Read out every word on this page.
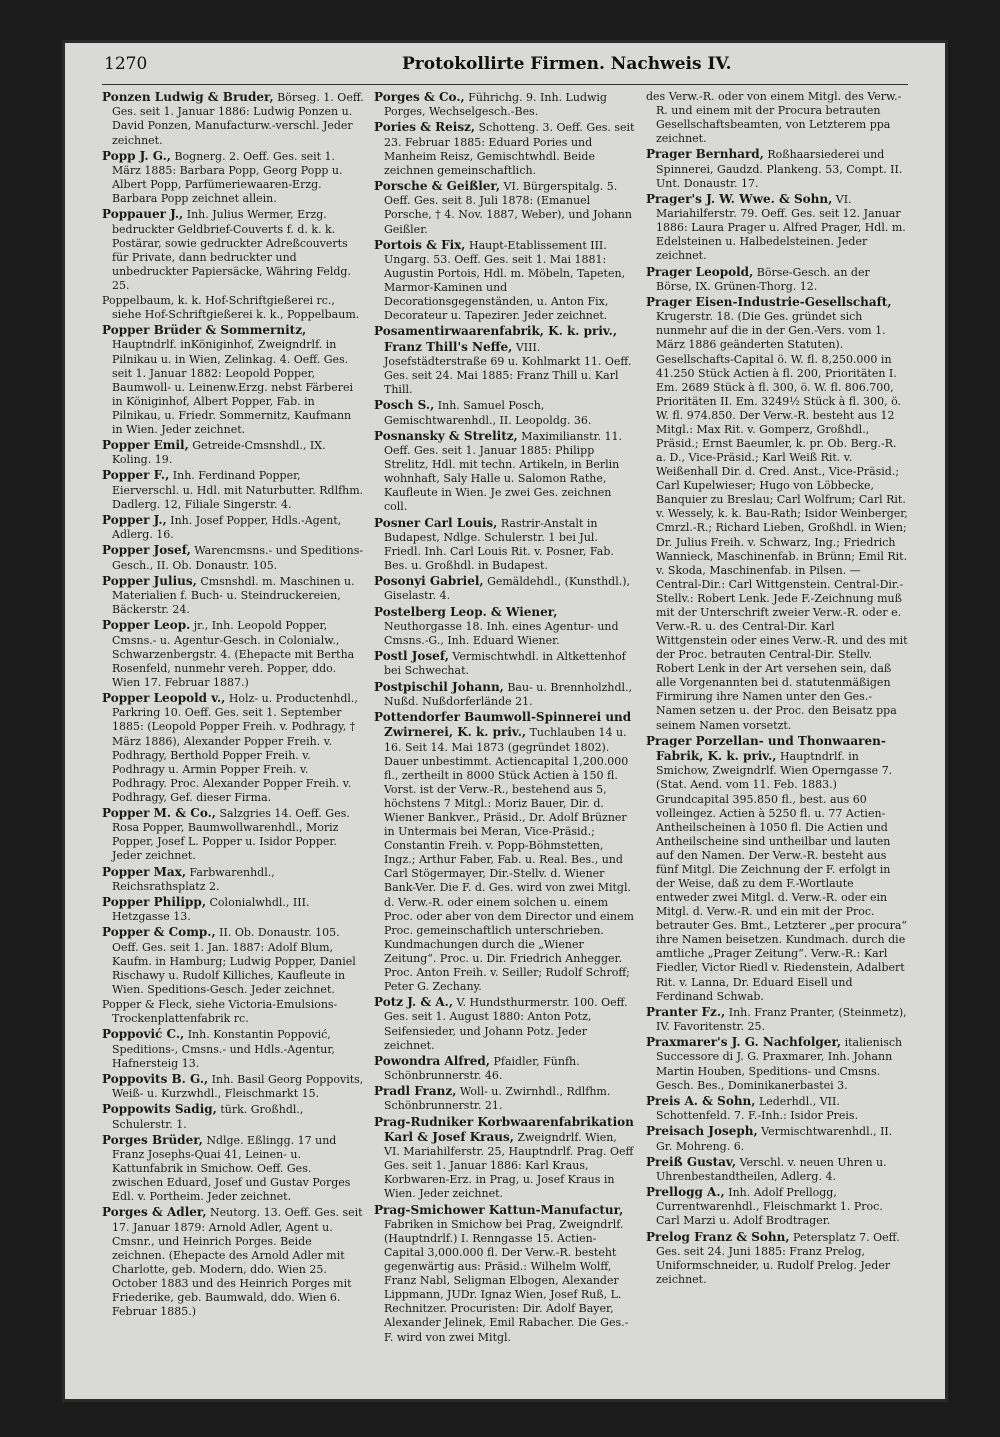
1270	Protokollirte Firmen. Nachweis IV.

Ponzen Ludwig & Bruder, Börseg. 1. Oeff. Ges. seit 1. Januar 1886: Ludwig Ponzen u. David Ponzen, Manufacturw.-verschl. Jeder zeichnet.

Popp J. G., Bognerg. 2. Oeff. Ges. seit 1. März 1885: Barbara Popp, Georg Popp u. Albert Popp, Parfümeriewaaren-Erzg. Barbara Popp zeichnet allein.

Poppauer J., Inh. Julius Wermer, Erzg. bedruckter Geldbrief-Couverts f. d. k. k. Postärar, sowie gedruckter Adreßcouverts für Private, dann bedruckter und unbedruckter Papiersäcke, Währing Feldg. 25.

Poppelbaum, k. k. Hof-Schriftgießerei rc., siehe Hof-Schriftgießerei k. k., Poppelbaum.

Popper Brüder & Sommernitz, Hauptndrlf. inKöniginhof, Zweigndrlf. in Pilnikau u. in Wien, Zelinkag. 4. Oeff. Ges. seit 1. Januar 1882: Leopold Popper, Baumwoll- u. Leinenw.Erzg. nebst Färberei in Königinhof, Albert Popper, Fab. in Pilnikau, u. Friedr. Sommernitz, Kaufmann in Wien. Jeder zeichnet.

Popper Emil, Getreide-Cmsnshdl., IX. Koling. 19.

Popper F., Inh. Ferdinand Popper, Eierverschl. u. Hdl. mit Naturbutter. Rdlfhm. Dadlerg. 12, Filiale Singerstr. 4.

Popper J., Inh. Josef Popper, Hdls.-Agent, Adlerg. 16.

Popper Josef, Warencmsns.- und Speditions-Gesch., II. Ob. Donaustr. 105.

Popper Julius, Cmsnshdl. m. Maschinen u. Materialien f. Buch- u. Steindruckereien, Bäckerstr. 24.

Popper Leop. jr., Inh. Leopold Popper, Cmsns.- u. Agentur-Gesch. in Colonialw., Schwarzenbergstr. 4. (Ehepacte mit Bertha Rosenfeld, nunmehr vereh. Popper, ddo. Wien 17. Februar 1887.)

Popper Leopold v., Holz- u. Productenhdl., Parkring 10. Oeff. Ges. seit 1. September 1885: (Leopold Popper Freih. v. Podhragy, † März 1886), Alexander Popper Freih. v. Podhragy, Berthold Popper Freih. v. Podhragy u. Armin Popper Freih. v. Podhragy. Proc. Alexander Popper Freih. v. Podhragy, Gef. dieser Firma.

Popper M. & Co., Salzgries 14. Oeff. Ges. Rosa Popper, Baumwollwarenhdl., Moriz Popper, Josef L. Popper u. Isidor Popper. Jeder zeichnet.

Popper Max, Farbwarenhdl., Reichsrathsplatz 2.

Popper Philipp, Colonialwhdl., III. Hetzgasse 13.

Popper & Comp., II. Ob. Donaustr. 105. Oeff. Ges. seit 1. Jan. 1887: Adolf Blum, Kaufm. in Hamburg; Ludwig Popper, Daniel Rischawy u. Rudolf Killiches, Kaufleute in Wien. Speditions-Gesch. Jeder zeichnet.

Popper & Fleck, siehe Victoria-Emulsions-Trockenplattenfabrik rc.

Poppović C., Inh. Konstantin Poppović, Speditions-, Cmsns.- und Hdls.-Agentur, Hafnersteig 13.

Poppovits B. G., Inh. Basil Georg Poppovits, Weiß- u. Kurzwhdl., Fleischmarkt 15.

Poppowits Sadig, türk. Großhdl., Schulerstr. 1.

Porges Brüder, Ndlge. Eßlingg. 17 und Franz Josephs-Quai 41, Leinen- u. Kattunfabrik in Smichow. Oeff. Ges. zwischen Eduard, Josef und Gustav Porges Edl. v. Portheim. Jeder zeichnet.

Porges & Adler, Neutorg. 13. Oeff. Ges. seit 17. Januar 1879: Arnold Adler, Agent u. Cmsnr., und Heinrich Porges. Beide zeichnen. (Ehepacte des Arnold Adler mit Charlotte, geb. Modern, ddo. Wien 25. October 1883 und des Heinrich Porges mit Friederike, geb. Baumwald, ddo. Wien 6. Februar 1885.)

Porges & Co., Führichg. 9. Inh. Ludwig Porges, Wechselgesch.-Bes.

Pories & Reisz, Schotteng. 3. Oeff. Ges. seit 23. Februar 1885: Eduard Pories und Manheim Reisz, Gemischtwhdl. Beide zeichnen gemeinschaftlich.

Porsche & Geißler, VI. Bürgerspitalg. 5. Oeff. Ges. seit 8. Juli 1878: (Emanuel Porsche, † 4. Nov. 1887, Weber), und Johann Geißler.

Portois & Fix, Haupt-Etablissement III. Ungarg. 53. Oeff. Ges. seit 1. Mai 1881: Augustin Portois, Hdl. m. Möbeln, Tapeten, Marmor-Kaminen und Decorationsgegenständen, u. Anton Fix, Decorateur u. Tapezirer. Jeder zeichnet.

Posamentirwaarenfabrik, K. k. priv., Franz Thill's Neffe, VIII. Josefstädterstraße 69 u. Kohlmarkt 11. Oeff. Ges. seit 24. Mai 1885: Franz Thill u. Karl Thill.

Posch S., Inh. Samuel Posch, Gemischtwarenhdl., II. Leopoldg. 36.

Posnansky & Strelitz, Maximilianstr. 11. Oeff. Ges. seit 1. Januar 1885: Philipp Strelitz, Hdl. mit techn. Artikeln, in Berlin wohnhaft, Saly Halle u. Salomon Rathe, Kaufleute in Wien. Je zwei Ges. zeichnen coll.

Posner Carl Louis, Rastrir-Anstalt in Budapest, Ndlge. Schulerstr. 1 bei Jul. Friedl. Inh. Carl Louis Rit. v. Posner, Fab. Bes. u. Großhdl. in Budapest.

Posonyi Gabriel, Gemäldehdl., (Kunsthdl.), Giselastr. 4.

Postelberg Leop. & Wiener, Neuthorgasse 18. Inh. eines Agentur- und Cmsns.-G., Inh. Eduard Wiener.

Postl Josef, Vermischtwhdl. in Altkettenhof bei Schwechat.

Postpischil Johann, Bau- u. Brennholzhdl., Nußd. Nußdorferlände 21.

Pottendorfer Baumwoll-Spinnerei und Zwirnerei, K. k. priv., Tuchlauben 14 u. 16. Seit 14. Mai 1873 (gegründet 1802). Dauer unbestimmt. Actiencapital 1,200.000 fl., zertheilt in 8000 Stück Actien à 150 fl. Vorst. ist der Verw.-R., bestehend aus 5, höchstens 7 Mitgl.: Moriz Bauer, Dir. d. Wiener Bankver., Präsid., Dr. Adolf Brüzner in Untermais bei Meran, Vice-Präsid.; Constantin Freih. v. Popp-Böhmstetten, Ingz.; Arthur Faber, Fab. u. Real. Bes., und Carl Stögermayer, Dir.-Stellv. d. Wiener Bank-Ver. Die F. d. Ges. wird von zwei Mitgl. d. Verw.-R. oder einem solchen u. einem Proc. oder aber von dem Director und einem Proc. gemeinschaftlich unterschrieben. Kundmachungen durch die „Wiener Zeitung“. Proc. u. Dir. Friedrich Anhegger. Proc. Anton Freih. v. Seiller; Rudolf Schroff; Peter G. Zechany.

Potz J. & A., V. Hundsthurmerstr. 100. Oeff. Ges. seit 1. August 1880: Anton Potz, Seifensieder, und Johann Potz. Jeder zeichnet.

Powondra Alfred, Pfaidler, Fünfh. Schönbrunnerstr. 46.

Pradl Franz, Woll- u. Zwirnhdl., Rdlfhm. Schönbrunnerstr. 21.

Prag-Rudniker Korbwaarenfabrikation Karl & Josef Kraus, Zweigndrlf. Wien, VI. Mariahilferstr. 25, Hauptndrlf. Prag. Oeff Ges. seit 1. Januar 1886: Karl Kraus, Korbwaren-Erz. in Prag, u. Josef Kraus in Wien. Jeder zeichnet.

Prag-Smichower Kattun-Manufactur, Fabriken in Smichow bei Prag, Zweigndrlf. (Hauptndrlf.) I. Renngasse 15. Actien-Capital 3,000.000 fl. Der Verw.-R. besteht gegenwärtig aus: Präsid.: Wilhelm Wolff, Franz Nabl, Seligman Elbogen, Alexander Lippmann, JUDr. Ignaz Wien, Josef Ruß, L. Rechnitzer. Procuristen: Dir. Adolf Bayer, Alexander Jelinek, Emil Rabacher. Die Ges.-F. wird von zwei Mitgl.

des Verw.-R. oder von einem Mitgl. des Verw.-R. und einem mit der Procura betrauten Gesellschaftsbeamten, von Letzterem ppa zeichnet.

Prager Bernhard, Roßhaarsiederei und Spinnerei, Gaudzd. Plankeng. 53, Compt. II. Unt. Donaustr. 17.

Prager's J. W. Wwe. & Sohn, VI. Mariahilferstr. 79. Oeff. Ges. seit 12. Januar 1886: Laura Prager u. Alfred Prager, Hdl. m. Edelsteinen u. Halbedelsteinen. Jeder zeichnet.

Prager Leopold, Börse-Gesch. an der Börse, IX. Grünen-Thorg. 12.

Prager Eisen-Industrie-Gesellschaft, Krugerstr. 18. (Die Ges. gründet sich nunmehr auf die in der Gen.-Vers. vom 1. März 1886 geänderten Statuten). Gesellschafts-Capital ö. W. fl. 8,250.000 in 41.250 Stück Actien à fl. 200, Prioritäten I. Em. 2689 Stück à fl. 300, ö. W. fl. 806.700, Prioritäten II. Em. 3249½ Stück à fl. 300, ö. W. fl. 974.850. Der Verw.-R. besteht aus 12 Mitgl.: Max Rit. v. Gomperz, Großhdl., Präsid.; Ernst Baeumler, k. pr. Ob. Berg.-R. a. D., Vice-Präsid.; Karl Weiß Rit. v. Weißenhall Dir. d. Cred. Anst., Vice-Präsid.; Carl Kupelwieser; Hugo von Löbbecke, Banquier zu Breslau; Carl Wolfrum; Carl Rit. v. Wessely, k. k. Bau-Rath; Isidor Weinberger, Cmrzl.-R.; Richard Lieben, Großhdl. in Wien; Dr. Julius Freih. v. Schwarz, Ing.; Friedrich Wannieck, Maschinenfab. in Brünn; Emil Rit. v. Skoda, Maschinenfab. in Pilsen. — Central-Dir.: Carl Wittgenstein. Central-Dir.-Stellv.: Robert Lenk. Jede F.-Zeichnung muß mit der Unterschrift zweier Verw.-R. oder e. Verw.-R. u. des Central-Dir. Karl Wittgenstein oder eines Verw.-R. und des mit der Proc. betrauten Central-Dir. Stellv. Robert Lenk in der Art versehen sein, daß alle Vorgenannten bei d. statutenmäßigen Firmirung ihre Namen unter den Ges.-Namen setzen u. der Proc. den Beisatz ppa seinem Namen vorsetzt.

Prager Porzellan- und Thonwaaren-Fabrik, K. k. priv., Hauptndrlf. in Smichow, Zweigndrlf. Wien Operngasse 7. (Stat. Aend. vom 11. Feb. 1883.) Grundcapital 395.850 fl., best. aus 60 volleingez. Actien à 5250 fl. u. 77 Actien-Antheilscheinen à 1050 fl. Die Actien und Antheilscheine sind untheilbar und lauten auf den Namen. Der Verw.-R. besteht aus fünf Mitgl. Die Zeichnung der F. erfolgt in der Weise, daß zu dem F.-Wortlaute entweder zwei Mitgl. d. Verw.-R. oder ein Mitgl. d. Verw.-R. und ein mit der Proc. betrauter Ges. Bmt., Letzterer „per procura“ ihre Namen beisetzen. Kundmach. durch die amtliche „Prager Zeitung“. Verw.-R.: Karl Fiedler, Victor Riedl v. Riedenstein, Adalbert Rit. v. Lanna, Dr. Eduard Eisell und Ferdinand Schwab.

Pranter Fz., Inh. Franz Pranter, (Steinmetz), IV. Favoritenstr. 25.

Praxmarer's J. G. Nachfolger, italienisch Successore di J. G. Praxmarer, Inh. Johann Martin Houben, Speditions- und Cmsns. Gesch. Bes., Dominikanerbastei 3.

Preis A. & Sohn, Lederhdl., VII. Schottenfeld. 7. F.-Inh.: Isidor Preis.

Preisach Joseph, Vermischtwarenhdl., II. Gr. Mohreng. 6.

Preiß Gustav, Verschl. v. neuen Uhren u. Uhrenbestandtheilen, Adlerg. 4.

Prellogg A., Inh. Adolf Prellogg, Currentwarenhdl., Fleischmarkt 1. Proc. Carl Marzi u. Adolf Brodtrager.

Prelog Franz & Sohn, Petersplatz 7. Oeff. Ges. seit 24. Juni 1885: Franz Prelog, Uniformschneider, u. Rudolf Prelog. Jeder zeichnet.
